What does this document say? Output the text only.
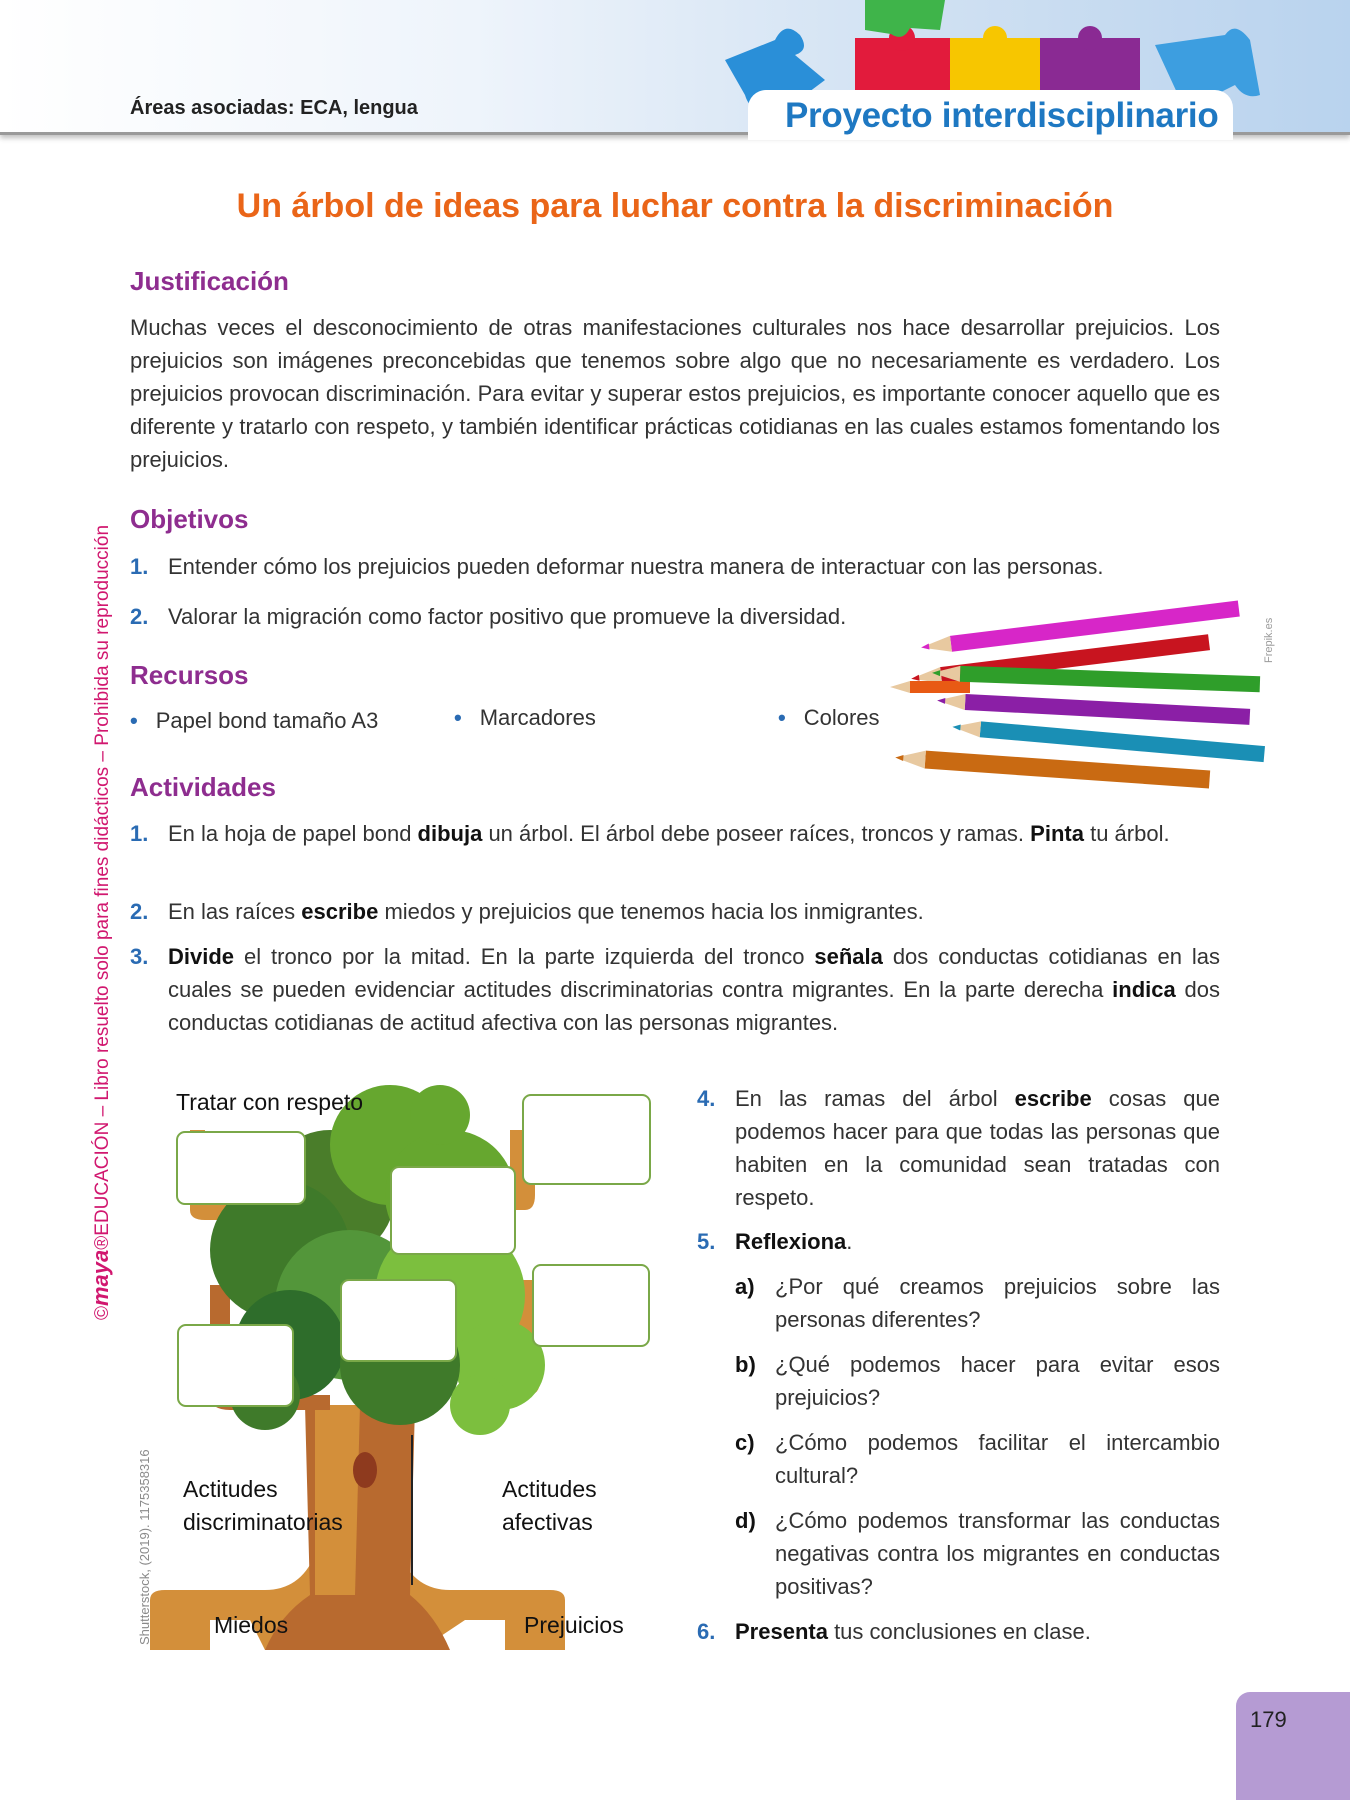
Proyecto interdisciplinario
Áreas asociadas: ECA, lengua
©maya®EDUCACIÓN – Libro resuelto solo para fines didácticos – Prohibida su reproducción
Shutterstock, (2019). 1175358316
Frepik.es
Un árbol de ideas para luchar contra la discriminación
Justificación
Muchas veces el desconocimiento de otras manifestaciones culturales nos hace desarrollar prejuicios. Los prejuicios son imágenes preconcebidas que tenemos sobre algo que no necesariamente es verdadero. Los prejuicios provocan discriminación. Para evitar y superar estos prejuicios, es importante conocer aquello que es diferente y tratarlo con respeto, y también identificar prácticas cotidianas en las cuales estamos fomentando los prejuicios.
Objetivos
1. Entender cómo los prejuicios pueden deformar nuestra manera de interactuar con las personas.
2. Valorar la migración como factor positivo que promueve la diversidad.
Recursos
• Papel bond tamaño A3	• Marcadores	• Colores
Actividades
1. En la hoja de papel bond dibuja un árbol. El árbol debe poseer raíces, troncos y ramas. Pinta tu árbol.
2. En las raíces escribe miedos y prejuicios que tenemos hacia los inmigrantes.
3. Divide el tronco por la mitad. En la parte izquierda del tronco señala dos conductas cotidianas en las cuales se pueden evidenciar actitudes discriminatorias contra migrantes. En la parte derecha indica dos conductas cotidianas de actitud afectiva con las personas migrantes.
Tratar con respeto
Actitudes
discriminatorias
Actitudes
afectivas
Miedos	Prejuicios
4. En las ramas del árbol escribe cosas que podemos hacer para que todas las personas que habiten en la comunidad sean tratadas con respeto.
5. Reflexiona.
a) ¿Por qué creamos prejuicios sobre las personas diferentes?
b) ¿Qué podemos hacer para evitar esos prejuicios?
c) ¿Cómo podemos facilitar el intercambio cultural?
d) ¿Cómo podemos transformar las conductas negativas contra los migrantes en conductas positivas?
6. Presenta tus conclusiones en clase.
179
